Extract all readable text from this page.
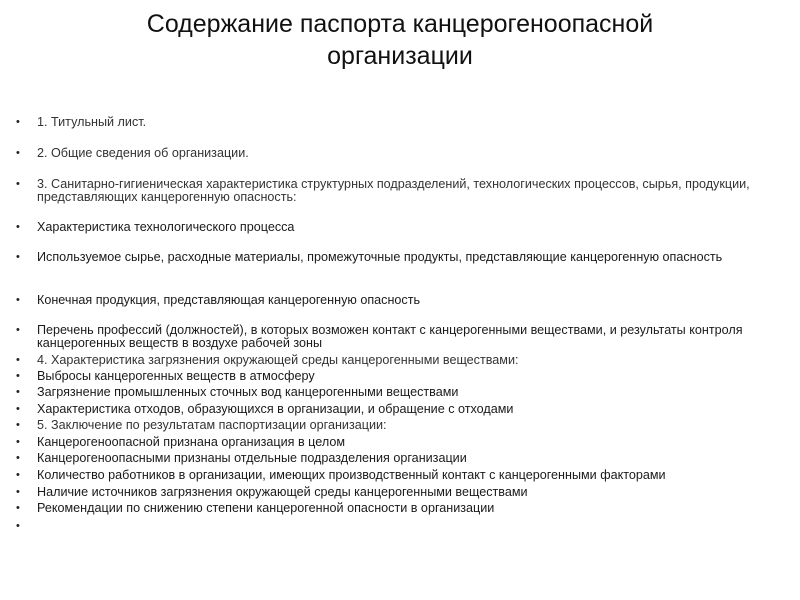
Содержание паспорта канцерогеноопасной
организации
• 1. Титульный лист.
• 2. Общие сведения об организации.
• 3. Санитарно-гигиеническая характеристика структурных подразделений, технологических процессов, сырья, продукции, представляющих канцерогенную опасность:
• Характеристика технологического процесса
• Используемое сырье, расходные материалы, промежуточные продукты, представляющие канцерогенную опасность
• Конечная продукция, представляющая канцерогенную опасность
• Перечень профессий (должностей), в которых возможен контакт с канцерогенными веществами, и результаты контроля канцерогенных веществ в воздухе рабочей зоны
• 4. Характеристика загрязнения окружающей среды канцерогенными веществами:
• Выбросы канцерогенных веществ в атмосферу
• Загрязнение промышленных сточных вод канцерогенными веществами
• Характеристика отходов, образующихся в организации, и обращение с отходами
• 5. Заключение по результатам паспортизации организации:
• Канцерогеноопасной признана организация в целом
• Канцерогеноопасными признаны отдельные подразделения организации
• Количество работников в организации, имеющих производственный контакт с канцерогенными факторами
• Наличие источников загрязнения окружающей среды канцерогенными веществами
• Рекомендации по снижению степени канцерогенной опасности в организации
•
